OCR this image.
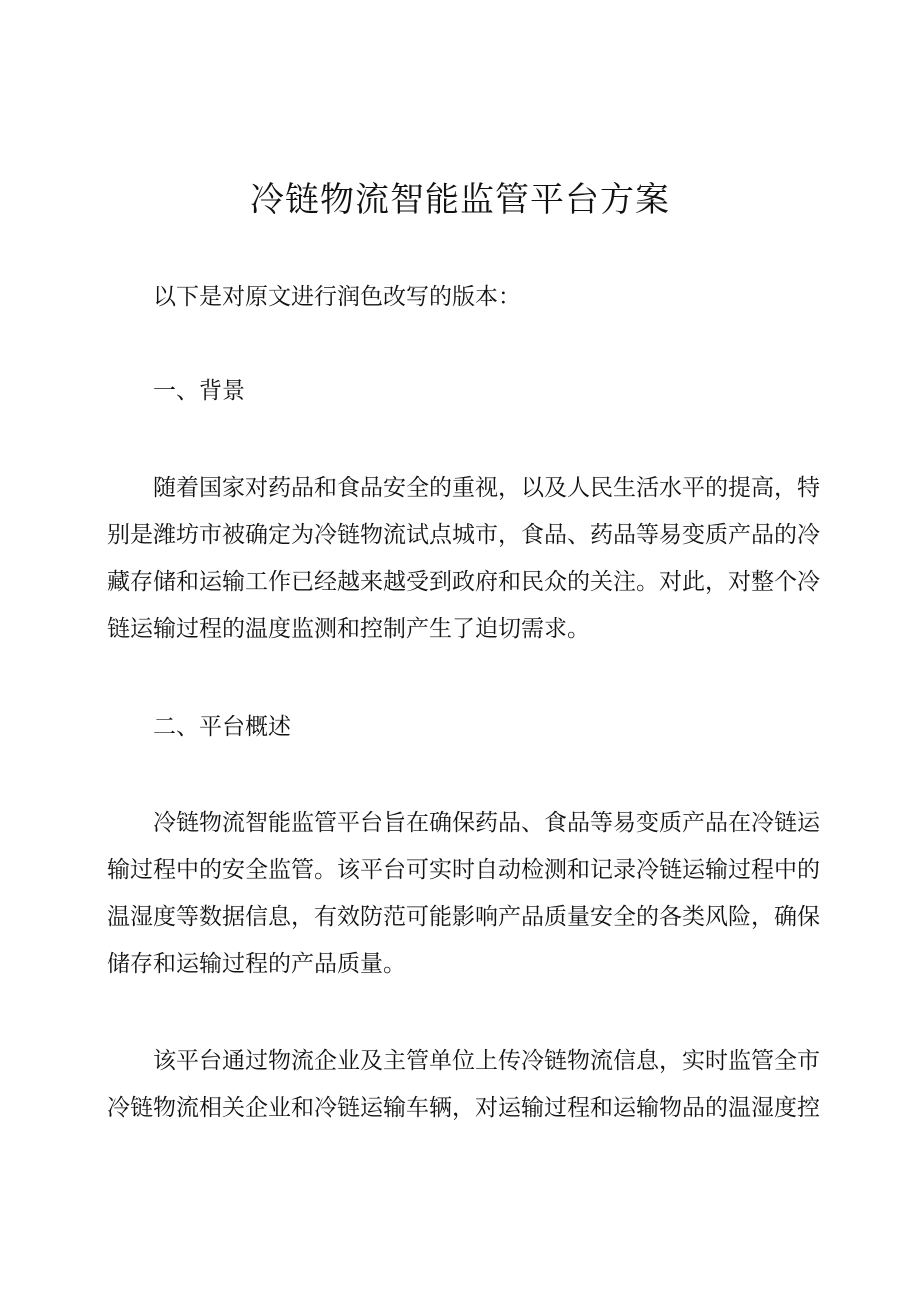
冷链物流智能监管平台方案

以下是对原文进行润色改写的版本：

一、背景

随着国家对药品和食品安全的重视，以及人民生活水平的提高，特别是潍坊市被确定为冷链物流试点城市，食品、药品等易变质产品的冷藏存储和运输工作已经越来越受到政府和民众的关注。对此，对整个冷链运输过程的温度监测和控制产生了迫切需求。

二、平台概述

冷链物流智能监管平台旨在确保药品、食品等易变质产品在冷链运输过程中的安全监管。该平台可实时自动检测和记录冷链运输过程中的温湿度等数据信息，有效防范可能影响产品质量安全的各类风险，确保储存和运输过程的产品质量。

该平台通过物流企业及主管单位上传冷链物流信息，实时监管全市冷链物流相关企业和冷链运输车辆，对运输过程和运输物品的温湿度控
